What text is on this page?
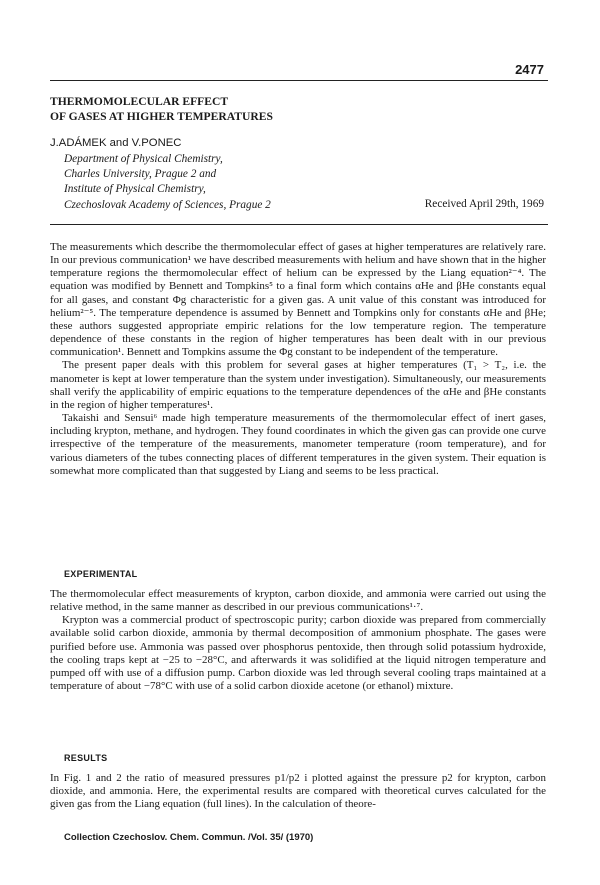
2477
THERMOMOLECULAR EFFECT
OF GASES AT HIGHER TEMPERATURES
J.ADÁMEK and V.PONEC
Department of Physical Chemistry,
Charles University, Prague 2 and
Institute of Physical Chemistry,
Czechoslovak Academy of Sciences, Prague 2	Received April 29th, 1969

The measurements which describe the thermomolecular effect of gases at higher temperatures are relatively rare. In our previous communication¹ we have described measurements with helium and have shown that in the higher temperature regions the thermomolecular effect of helium can be expressed by the Liang equation²⁻⁴. The equation was modified by Bennett and Tompkins⁵ to a final form which contains αHe and βHe constants equal for all gases, and constant Φg characteristic for a given gas. A unit value of this constant was introduced for helium²⁻⁵. The temperature dependence is assumed by Bennett and Tompkins only for constants αHe and βHe; these authors suggested appropriate empiric relations for the low temperature region. The temperature dependence of these constants in the region of higher temperatures has been dealt with in our previous communication¹. Bennett and Tompkins assume the Φg constant to be independent of the temperature.

The present paper deals with this problem for several gases at higher temperatures (T₁ > T₂, i.e. the manometer is kept at lower temperature than the system under investigation). Simultaneously, our measurements shall verify the applicability of empiric equations to the temperature dependences of the αHe and βHe constants in the region of higher temperatures¹.

Takaishi and Sensui⁶ made high temperature measurements of the thermomolecular effect of inert gases, including krypton, methane, and hydrogen. They found coordinates in which the given gas can provide one curve irrespective of the temperature of the measurements, manometer temperature (room temperature), and for various diameters of the tubes connecting places of different temperatures in the given system. Their equation is somewhat more complicated than that suggested by Liang and seems to be less practical.

EXPERIMENTAL

The thermomolecular effect measurements of krypton, carbon dioxide, and ammonia were carried out using the relative method, in the same manner as described in our previous communications¹·⁷.

Krypton was a commercial product of spectroscopic purity; carbon dioxide was prepared from commercially available solid carbon dioxide, ammonia by thermal decomposition of ammonium phosphate. The gases were purified before use. Ammonia was passed over phosphorus pentoxide, then through solid potassium hydroxide, the cooling traps kept at −25 to −28°C, and afterwards it was solidified at the liquid nitrogen temperature and pumped off with use of a diffusion pump. Carbon dioxide was led through several cooling traps maintained at a temperature of about −78°C with use of a solid carbon dioxide acetone (or ethanol) mixture.

RESULTS

In Fig. 1 and 2 the ratio of measured pressures p1/p2 i plotted against the pressure p2 for krypton, carbon dioxide, and ammonia. Here, the experimental results are compared with theoretical curves calculated for the given gas from the Liang equation (full lines). In the calculation of theore-

Collection Czechoslov. Chem. Commun. /Vol. 35/ (1970)
